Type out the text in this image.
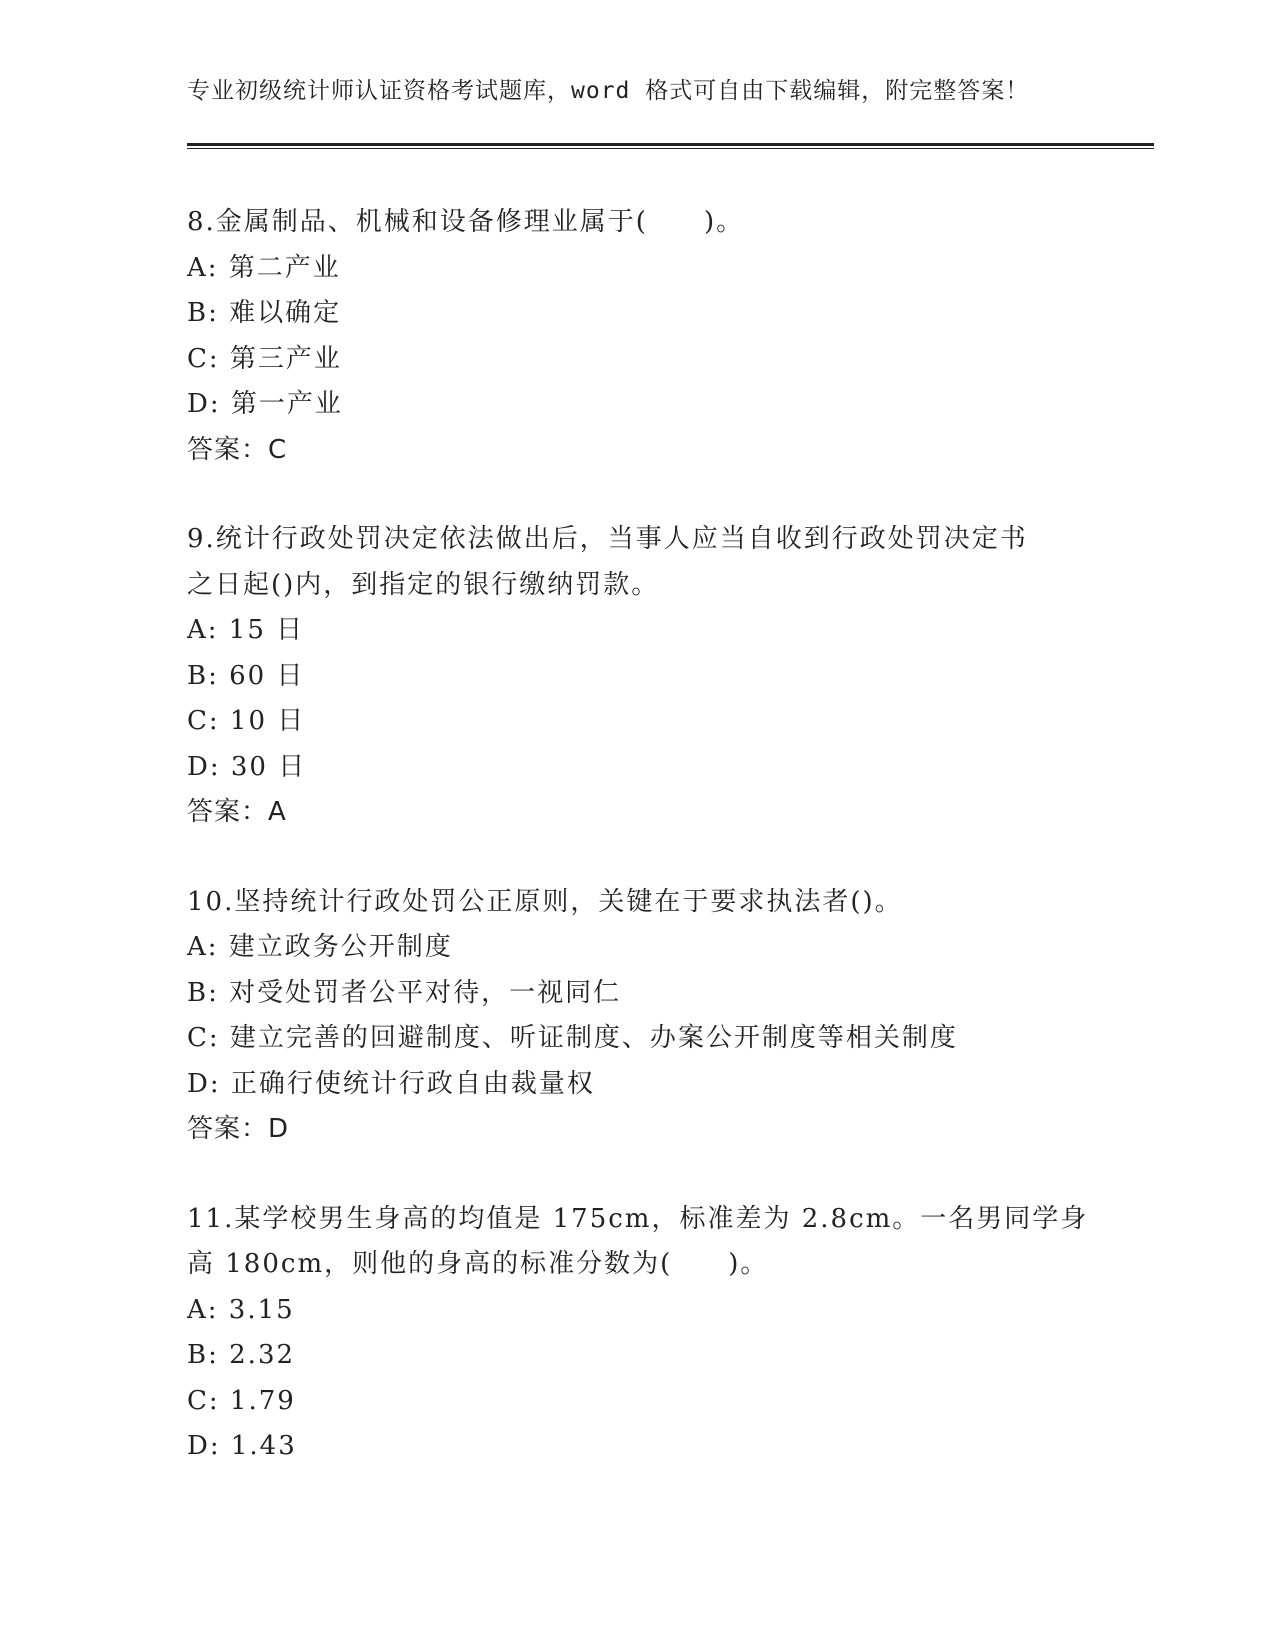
专业初级统计师认证资格考试题库，word 格式可自由下载编辑，附完整答案！
8.金属制品、机械和设备修理业属于(　　)。
A: 第二产业
B: 难以确定
C: 第三产业
D: 第一产业
答案：C
9.统计行政处罚决定依法做出后，当事人应当自收到行政处罚决定书
之日起()内，到指定的银行缴纳罚款。
A: 15 日
B: 60 日
C: 10 日
D: 30 日
答案：A
10.坚持统计行政处罚公正原则，关键在于要求执法者()。
A: 建立政务公开制度
B: 对受处罚者公平对待，一视同仁
C: 建立完善的回避制度、听证制度、办案公开制度等相关制度
D: 正确行使统计行政自由裁量权
答案：D
11.某学校男生身高的均值是 175cm，标准差为 2.8cm。一名男同学身
高 180cm，则他的身高的标准分数为(　　)。
A: 3.15
B: 2.32
C: 1.79
D: 1.43
